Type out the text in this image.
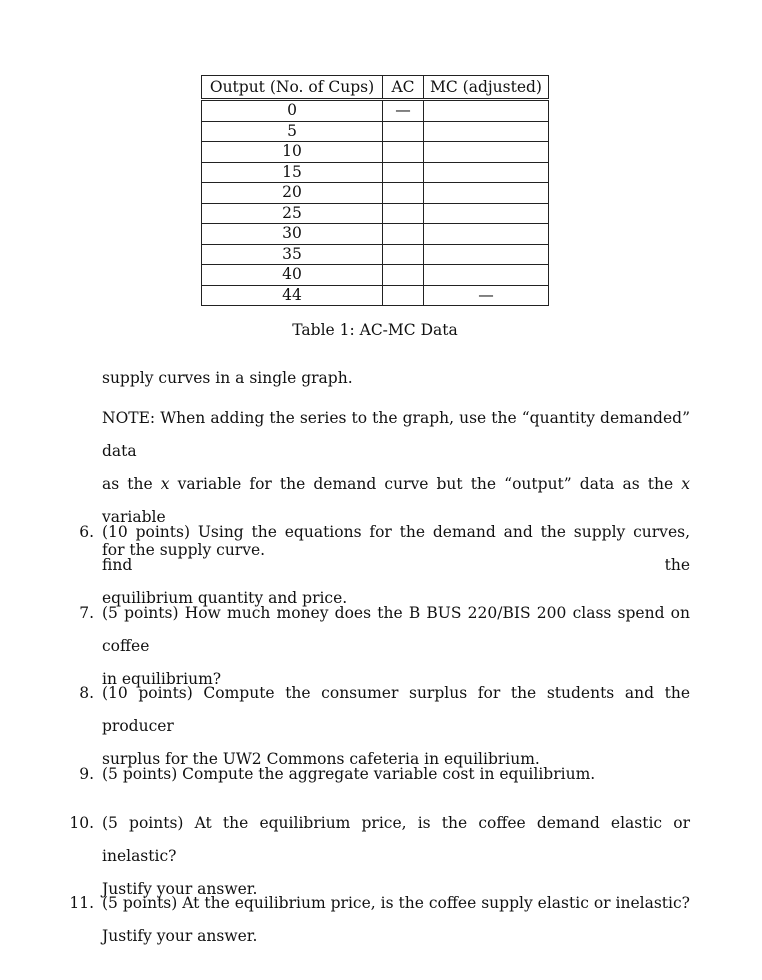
Output (No. of Cups)	AC	MC (adjusted)
0	—	
5		
10		
15		
20		
25		
30		
35		
40		
44		—
Table 1: AC-MC Data
supply curves in a single graph.
NOTE: When adding the series to the graph, use the “quantity demanded” data
as the x variable for the demand curve but the “output” data as the x variable
for the supply curve.
6. (10 points) Using the equations for the demand and the supply curves, find the
equilibrium quantity and price.
7. (5 points) How much money does the B BUS 220/BIS 200 class spend on coffee
in equilibrium?
8. (10 points) Compute the consumer surplus for the students and the producer
surplus for the UW2 Commons cafeteria in equilibrium.
9. (5 points) Compute the aggregate variable cost in equilibrium.
10. (5 points) At the equilibrium price, is the coffee demand elastic or inelastic?
Justify your answer.
11. (5 points) At the equilibrium price, is the coffee supply elastic or inelastic?
Justify your answer.
